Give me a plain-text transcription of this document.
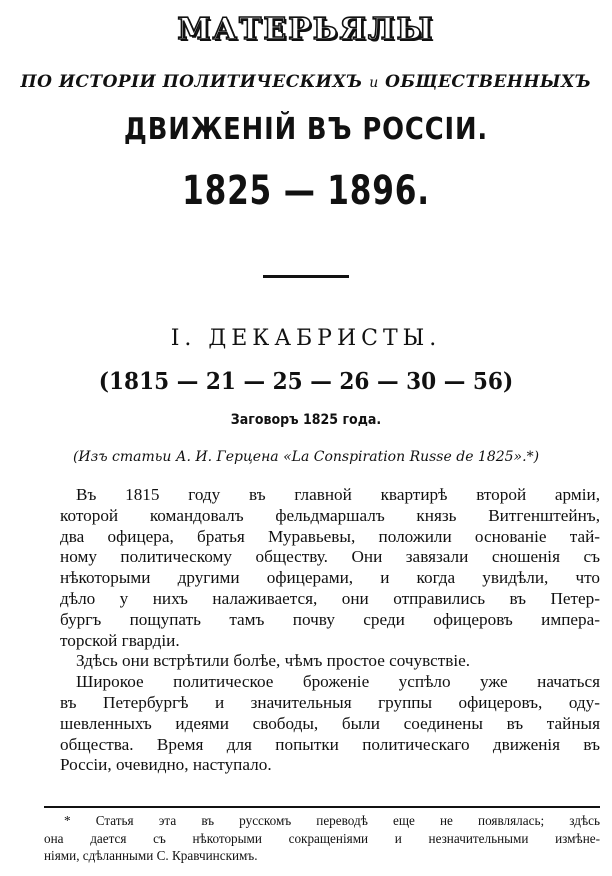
МАТЕРЬЯЛЫ
ПО ИСТОРІИ ПОЛИТИЧЕСКИХЪ и ОБЩЕСТВЕННЫХЪ
ДВИЖЕНІЙ ВЪ РОССІИ.
1825 — 1896.
I. ДЕКАБРИСТЫ.
(1815 — 21 — 25 — 26 — 30 — 56)
Заговоръ 1825 года.
(Изъ статьи А. И. Герцена «La Conspiration Russe de 1825».*)

Въ 1815 году въ главной квартирѣ второй арміи,
которой командовалъ фельдмаршалъ князь Витгенштейнъ,
два офицера, братья Муравьевы, положили основаніе тай-
ному политическому обществу. Они завязали сношенія съ
нѣкоторыми другими офицерами, и когда увидѣли, что
дѣло у нихъ налаживается, они отправились въ Петер-
бургъ пощупать тамъ почву среди офицеровъ импера-
торской гвардіи.

Здѣсь они встрѣтили болѣе, чѣмъ простое сочувствіе.

Широкое политическое броженіе успѣло уже начаться
въ Петербургѣ и значительныя группы офицеровъ, оду-
шевленныхъ идеями свободы, были соединены въ тайныя
общества. Время для попытки политическаго движенія въ
Россіи, очевидно, наступало.

* Статья эта въ русскомъ переводѣ еще не появлялась; здѣсь
она дается съ нѣкоторыми сокращеніями и незначительными измѣне-
ніями, сдѣланными С. Кравчинскимъ.
